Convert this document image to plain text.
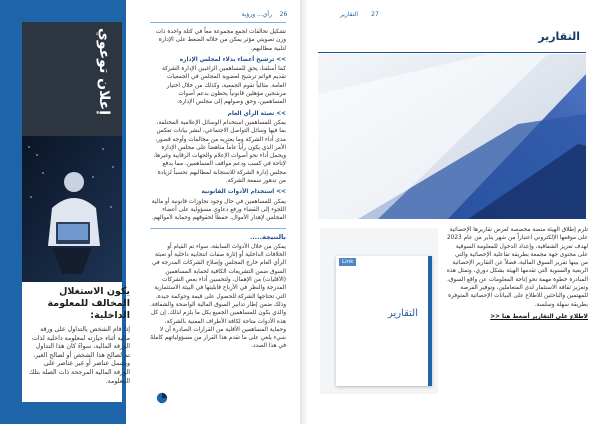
إعلان توعوي

يكون الاستغلال المخالف للمعلومة الداخلية:

إذا قام الشخص بالتداول على ورقة مالية أثناء حيازته لمعلومة داخلية لذات الورقة المالية، سواءً كان هذا التداول تم لصالح هذا الشخص أو لصالح الغير، ويشمل عناصر أو غير عناصر على الورقة المالية المرجحة ذات الصلة بتلك المعلومة.

رأي... ورؤية	26	التقارير	27

تشكيل تحالفات لجمع مجموعة معاً في كتلة واحدة ذات وزن تصويتي مؤثر يمكن من خلاله الضغط على الإدارة لتلبية مطالبهم.

>> ترشيح أعضاء بدلاء لمجلس الإدارة

كما أسلفنا، يحق للمساهمين الراغبين الإدارة الشركة تقديم قوائم ترشيح لعضوية المجلس في الجمعيات العامة. مثالياً تقوم الجمعية، وكذلك من خلال اختيار مرشحين مؤهلين قانونياً يحظون بدعم أصوات المساهمين، وحق وصولهم إلى مجلس الإدارة.

>> تعبئة الرأي العام

يمكن للمساهمين استخدام الوسائل الإعلامية المختلفة، بما فيها وسائل التواصل الاجتماعي، لنشر بيانات تعكس مدى أداء الشركة وما يعتريه من مخالفات وأوجه قصور، الأمر الذي يكون رأياً عاماً مناهضاً على مجلس الإدارة ويحمل أداء نحو أصوات الإعلام والجهات الرقابية وغيرها، لإتاحة في كسب ودعم مواقف المساهمين، مما يدفع مجلس إدارة الشركة للاستجابة لمطالبهم تحسباً لزيادة من تدهور سمعة الشركة.

>> استخدام الأدوات القانونية

يمكن للمساهمين في حال وجود تجاوزات قانونية أو مالية اللجوء إلى القضاء ورفع دعاوى مسؤولية على أعضاء المجلس لإهدار الأموال، حفظاً لحقوقهم وحماية لأموالهم.

بالنتيجة.....

يمكن من خلال الأدوات السابقة، سواء تم القيام أو الخلافات الداخلية أو إثارة صفات انتخابية داخلية أو تعبئة الرأي العام خارج المجلس وإصلاح الشركات المدرجة في السوق ضمن التشريعات الكافية لحماية المساهمين (الأقليات) من الإهمال، ولتحسين أداء بعض الشركات المدرجة والنظر في الأرباح قابليتها في البيئة الاستثمارية التي تحتاجها الشركة للحصول على قيمة وحوكمة جيدة، وذلك ضمن إطار تدابير السوق المالية الواضحة والشفافة. والذي يكون للمساهمين الجميع بكل ما يلزم لذلك. إن كل هذه الأدوات متاحة لكافة الأطراف المعنية بالشركة، وحماية المساهمين الأقلية من القرارات الصادرة أن لا شيء يلغي على ما تقدم هذا القرار من مسؤولياتهم كاملةً في هذا الصدد.

التقارير
التقارير
Link

تلزم إطلاق الهيئة منصة مخصصة لعرض تقاريرها الإحصائية على موقعها الإلكتروني اعتباراً من شهر يناير من عام 2023 لهدف تعزيز الشفافية، وإعداد الدخول للمعلومة السوقية على محتوى جهة مجمعة بطريقة تفاعلية الإحصائية والتي من بينها تقرير السوق المالية، فضلاً عن التقارير الإحصائية الربعية والسنوية التي تقدمها الهيئة بشكل دوري، وتمثل هذه المبادرة خطوة مهمة نحو إتاحة المعلومات عن واقع السوق، وتعزيز ثقافة الاستثمار لدى المتعاملين، وتوفير الفرصة للمهتمين والباحثين للاطلاع على البيانات الإحصائية المتوفرة بطريقة سهلة وسلسة.

لاطلاع على التقارير أضغط هنا <<
